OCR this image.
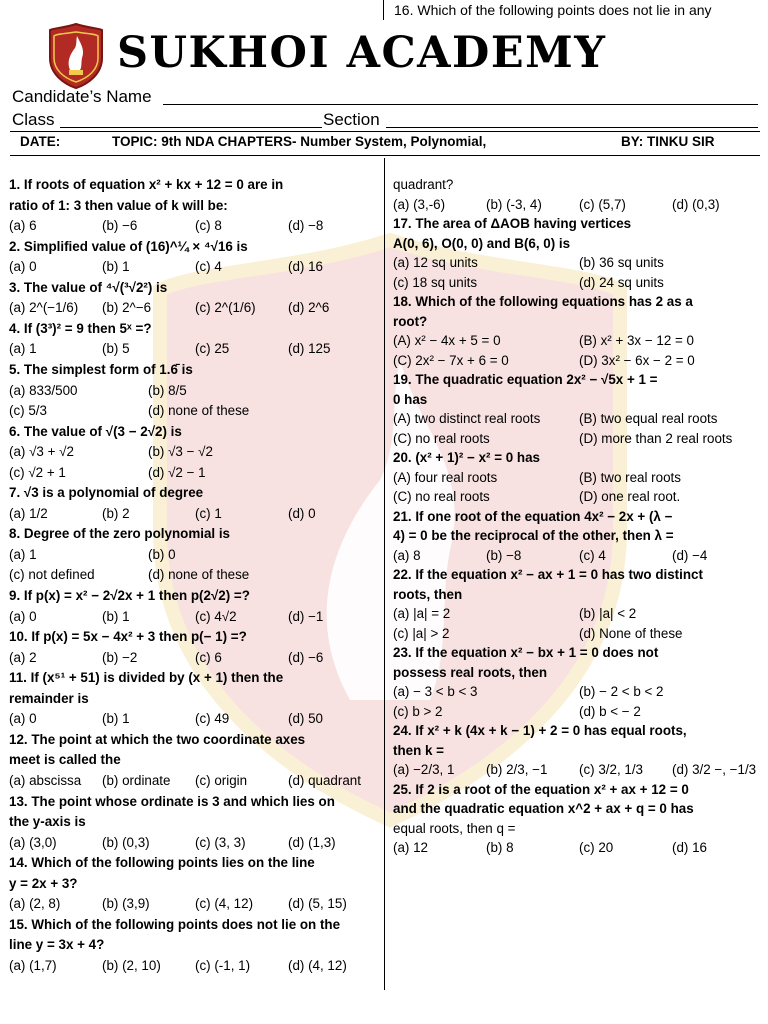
16. Which of the following points does not lie in any
SUKHOI ACADEMY
Candidate’s Name
Class	Section
DATE:	TOPIC: 9th NDA CHAPTERS- Number System, Polynomial,	BY: TINKU SIR
1. If roots of equation x² + kx + 12 = 0 are in
ratio of 1: 3 then value of k will be:
(a) 6	(b) −6	(c) 8	(d) −8
2. Simplified value of (16)^¼ × ⁴√16 is
(a) 0	(b) 1	(c) 4	(d) 16
3. The value of ⁴√(³√2²) is
(a) 2^(−1/6) (b) 2^−6	(c) 2^(1/6) (d) 2^6
4. If (3³)² = 9 then 5ˣ =?
(a) 1	(b) 5	(c) 25	(d) 125
5. The simplest form of 1.6̄ is
(a) 833/500	(b) 8/5
(c) 5/3	(d) none of these
6. The value of √(3 − 2√2) is
(a) √3 + √2	(b) √3 − √2
(c) √2 + 1	(d) √2 − 1
7. √3 is a polynomial of degree
(a) 1/2	(b) 2	(c) 1	(d) 0
8. Degree of the zero polynomial is
(a) 1	(b) 0
(c) not defined	(d) none of these
9. If p(x) = x² − 2√2x + 1 then p(2√2) =?
(a) 0	(b) 1	(c) 4√2	(d) −1
10. If p(x) = 5x − 4x² + 3 then p(− 1) =?
(a) 2	(b) −2	(c) 6	(d) −6
11. If (x⁵¹ + 51) is divided by (x + 1) then the
remainder is
(a) 0	(b) 1	(c) 49	(d) 50
12. The point at which the two coordinate axes
meet is called the
(a) abscissa (b) ordinate (c) origin	(d) quadrant
13. The point whose ordinate is 3 and which lies on
the y-axis is
(a) (3,0)	(b) (0,3)	(c) (3, 3)	(d) (1,3)
14. Which of the following points lies on the line
y = 2x + 3?
(a) (2, 8)	(b) (3,9)	(c) (4, 12)	(d) (5, 15)
15. Which of the following points does not lie on the
line y = 3x + 4?
(a) (1,7)	(b) (2, 10)	(c) (-1, 1)	(d) (4, 12)
quadrant?
(a) (3,-6)	(b) (-3, 4)	(c) (5,7)	(d) (0,3)
17. The area of ΔAOB having vertices
A(0, 6), O(0, 0) and B(6, 0) is
(a) 12 sq units	(b) 36 sq units
(c) 18 sq units	(d) 24 sq units
18. Which of the following equations has 2 as a
root?
(A) x² − 4x + 5 = 0	(B) x² + 3x − 12 = 0
(C) 2x² − 7x + 6 = 0	(D) 3x² − 6x − 2 = 0
19. The quadratic equation 2x² − √5x + 1 =
0 has
(A) two distinct real roots	(B) two equal real roots
(C) no real roots	(D) more than 2 real roots
20. (x² + 1)² − x² = 0 has
(A) four real roots	(B) two real roots
(C) no real roots	(D) one real root.
21. If one root of the equation 4x² − 2x + (λ −
4) = 0 be the reciprocal of the other, then λ =
(a) 8	(b) −8	(c) 4	(d) −4
22. If the equation x² − ax + 1 = 0 has two distinct
roots, then
(a) |a| = 2	(b) |a| < 2
(c) |a| > 2	(d) None of these
23. If the equation x² − bx + 1 = 0 does not
possess real roots, then
(a) − 3 < b < 3	(b) − 2 < b < 2
(c) b > 2	(d) b < − 2
24. If x² + k (4x + k − 1) + 2 = 0 has equal roots,
then k =
(a) −2/3, 1 (b) 2/3, −1 (c) 3/2, 1/3 (d) 3/2 −, −1/3
25. If 2 is a root of the equation x² + ax + 12 = 0
and the quadratic equation x^2 + ax + q = 0 has
equal roots, then q =
(a) 12	(b) 8	(c) 20	(d) 16
